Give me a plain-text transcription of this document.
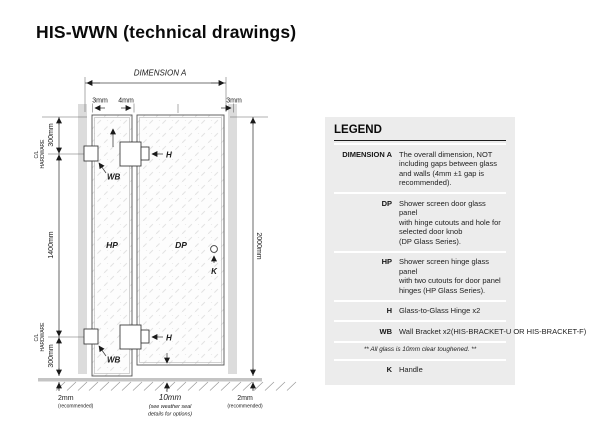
HIS-WWN (technical drawings)
DIMENSION A
3mm 4mm	3mm
300mm
1400mm
300mm
C/L HARDWARE
C/L HARDWARE
2000mm
HP	DP
WB
WB
H
H
K
10mm
(see weather seal
details for options)
2mm
(recommended)
2mm
(recommended)
LEGEND
DIMENSION A The overall dimension, NOT
including gaps between glass
and walls (4mm ±1 gap is
recommended).
DP Shower screen door glass panel
with hinge cutouts and hole for
selected door knob
(DP Glass Series).
HP Shower screen hinge glass panel
with two cutouts for door panel
hinges (HP Glass Series).
H Glass-to-Glass Hinge x2
WB Wall Bracket x2(HIS-BRACKET-U OR HIS-BRACKET-F)
K Handle
** All glass is 10mm clear toughened. **
